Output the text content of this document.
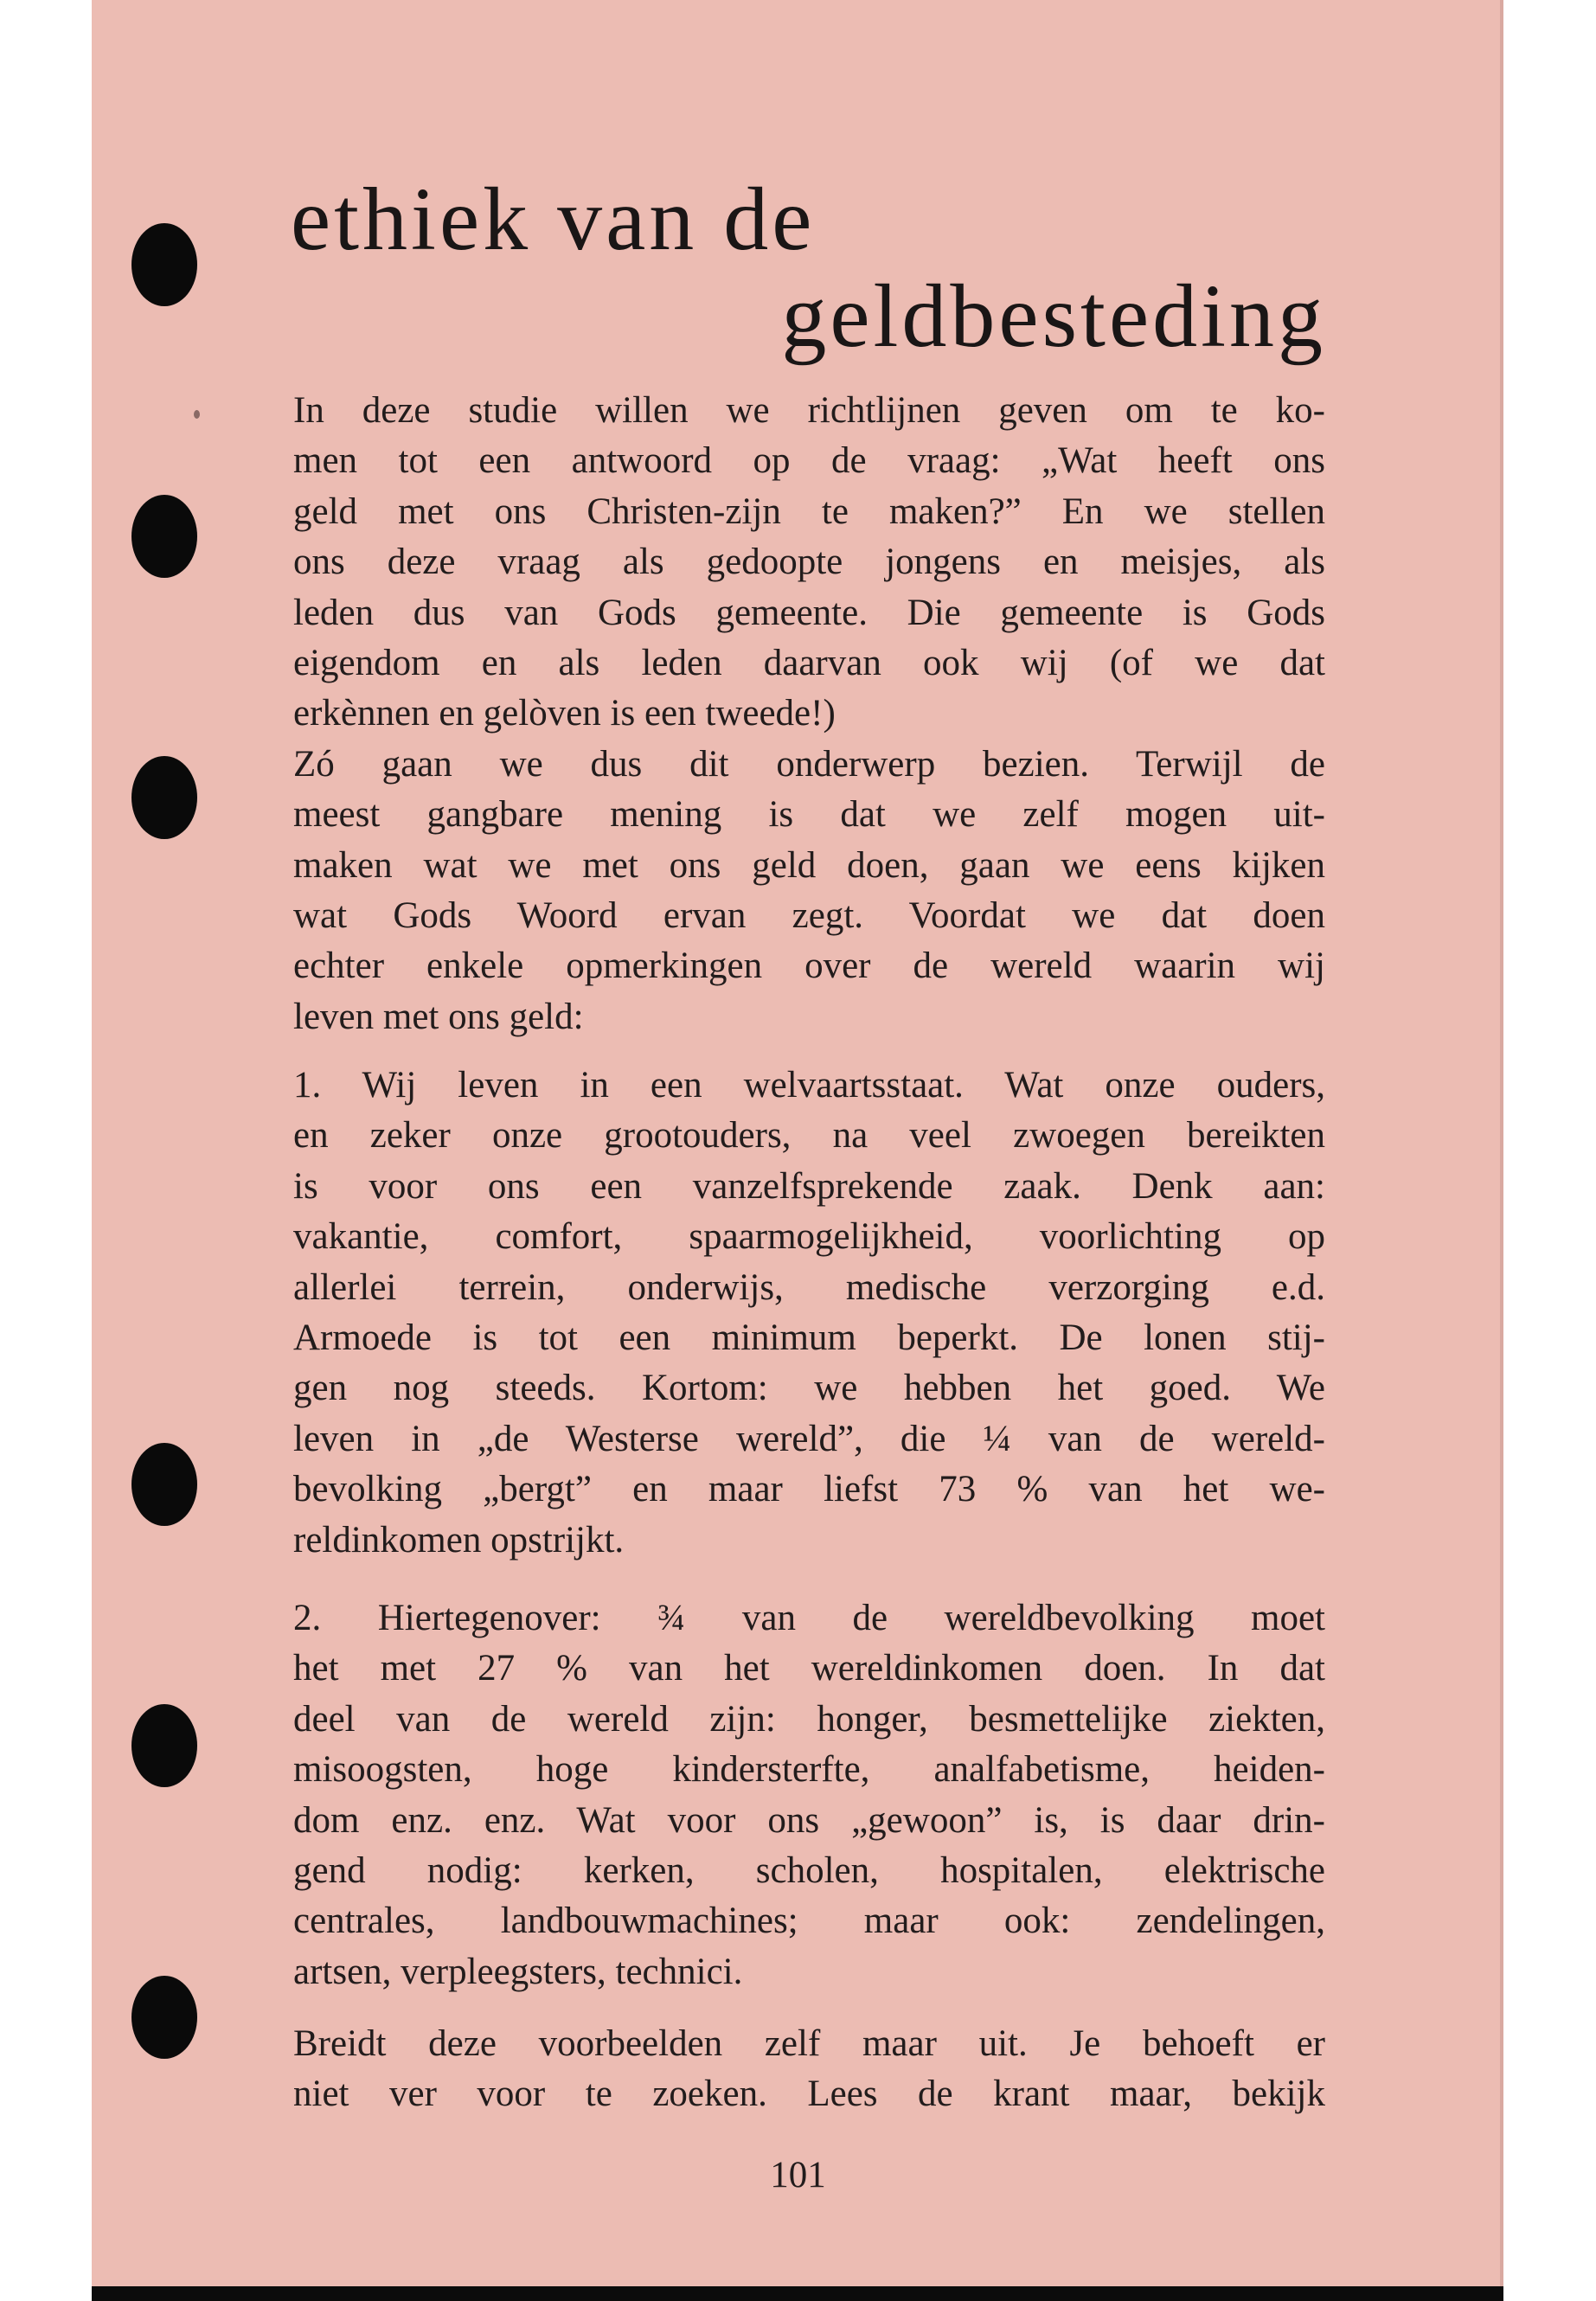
ethiek van de
geldbesteding
In deze studie willen we richtlijnen geven om te ko-
men tot een antwoord op de vraag: „Wat heeft ons
geld met ons Christen-zijn te maken?” En we stellen
ons deze vraag als gedoopte jongens en meisjes, als
leden dus van Gods gemeente. Die gemeente is Gods
eigendom en als leden daarvan ook wij (of we dat
erkènnen en gelòven is een tweede!)
Zó gaan we dus dit onderwerp bezien. Terwijl de
meest gangbare mening is dat we zelf mogen uit-
maken wat we met ons geld doen, gaan we eens kijken
wat Gods Woord ervan zegt. Voordat we dat doen
echter enkele opmerkingen over de wereld waarin wij
leven met ons geld:
1. Wij leven in een welvaartsstaat. Wat onze ouders,
en zeker onze grootouders, na veel zwoegen bereikten
is voor ons een vanzelfsprekende zaak. Denk aan:
vakantie, comfort, spaarmogelijkheid, voorlichting op
allerlei terrein, onderwijs, medische verzorging e.d.
Armoede is tot een minimum beperkt. De lonen stij-
gen nog steeds. Kortom: we hebben het goed. We
leven in „de Westerse wereld”, die ¼ van de wereld-
bevolking „bergt” en maar liefst 73 % van het we-
reldinkomen opstrijkt.
2. Hiertegenover: ¾ van de wereldbevolking moet
het met 27 % van het wereldinkomen doen. In dat
deel van de wereld zijn: honger, besmettelijke ziekten,
misoogsten, hoge kindersterfte, analfabetisme, heiden-
dom enz. enz. Wat voor ons „gewoon” is, is daar drin-
gend nodig: kerken, scholen, hospitalen, elektrische
centrales, landbouwmachines; maar ook: zendelingen,
artsen, verpleegsters, technici.
Breidt deze voorbeelden zelf maar uit. Je behoeft er
niet ver voor te zoeken. Lees de krant maar, bekijk
101
